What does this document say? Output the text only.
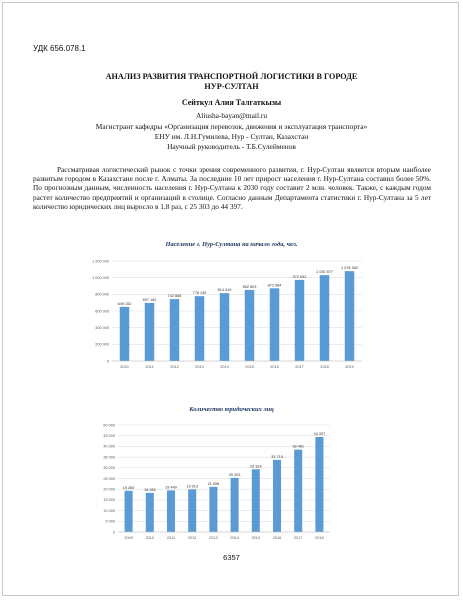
УДК 656.078.1
АНАЛИЗ РАЗВИТИЯ ТРАНСПОРТНОЙ ЛОГИСТИКИ В ГОРОДЕ
НУР-СУЛТАН
Сейткул Алия Талгаткызы
Aliusha-bayan@mail.ru
Магистрант кафедры «Организация перевозок, движения и эксплуатация транспорта»
ЕНУ им. Л.Н.Гумилева, Нур - Султан, Казахстан
Научный руководитель - Т.Б.Сулейменов
Рассматривая логистический рынок с точки зрения современного развития, г. Нур-Султан является вторым наиболее развитым городом в Казахстане после г. Алматы. За последние 10 лет прирост населения г. Нур-Султана составил более 50%. По прогнозным данным, численность населения г. Нур-Султана к 2030 году составит 2 млн. человек. Также, с каждым годом растет количество предприятий и организаций в столице. Согласно данным Департамента статистики г. Нур-Султана за 5 лет количество юридических лиц выросло в 1,8 раз, с 25 303 до 44 397.
Население г. Нур-Султана на начало года, чел.
0
200 000
400 000
600 000
800 000
1 000 000
1 200 000
649 152
2010
697 162
2011
742 868
2012
778 145
2013
814 419
2014
852 803
2015
872 584
2016
972 692
2017
1 030 577
2018
1 078 362
2019
Количество юридических лиц
0
5 000
10 000
15 000
20 000
25 000
30 000
35 000
40 000
45 000
50 000
19 265
2009
18 285
2010
19 449
2011
19 913
2012
21 098
2013
25 303
2014
29 314
2015
33 715
2016
38 481
2017
44 397
2018
6357
